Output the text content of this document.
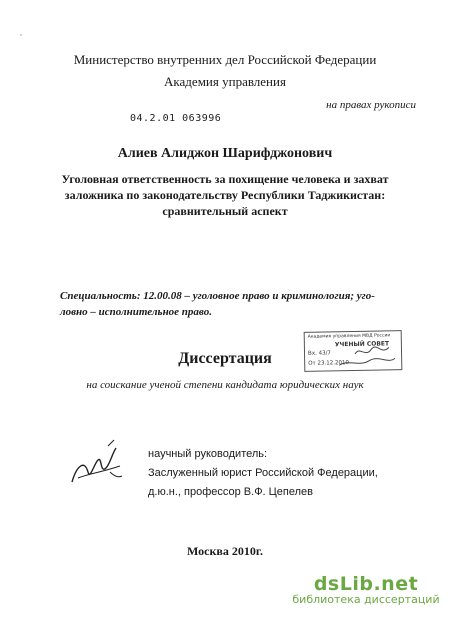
,
Министерство внутренних дел Российской Федерации
Академия управления
на правах рукописи
04.2.01 063996
Алиев Алиджон Шарифджонович
Уголовная ответственность за похищение человека и захват
заложника по законодательству Республики Таджикистан:
сравнительный аспект
Специальность: 12.00.08 – уголовное право и криминология; уго-
ловно – исполнительное право.
Академия управления МВД России
УЧЕНЫЙ СОВЕТ
Вх. 43/7
От 23.12.2010
Диссертация
на соискание ученой степени кандидата юридических наук
научный руководитель:
Заслуженный юрист Российской Федерации,
д.ю.н., профессор В.Ф. Цепелев
Москва 2010г.
dsLib.net
библиотека диссертаций
